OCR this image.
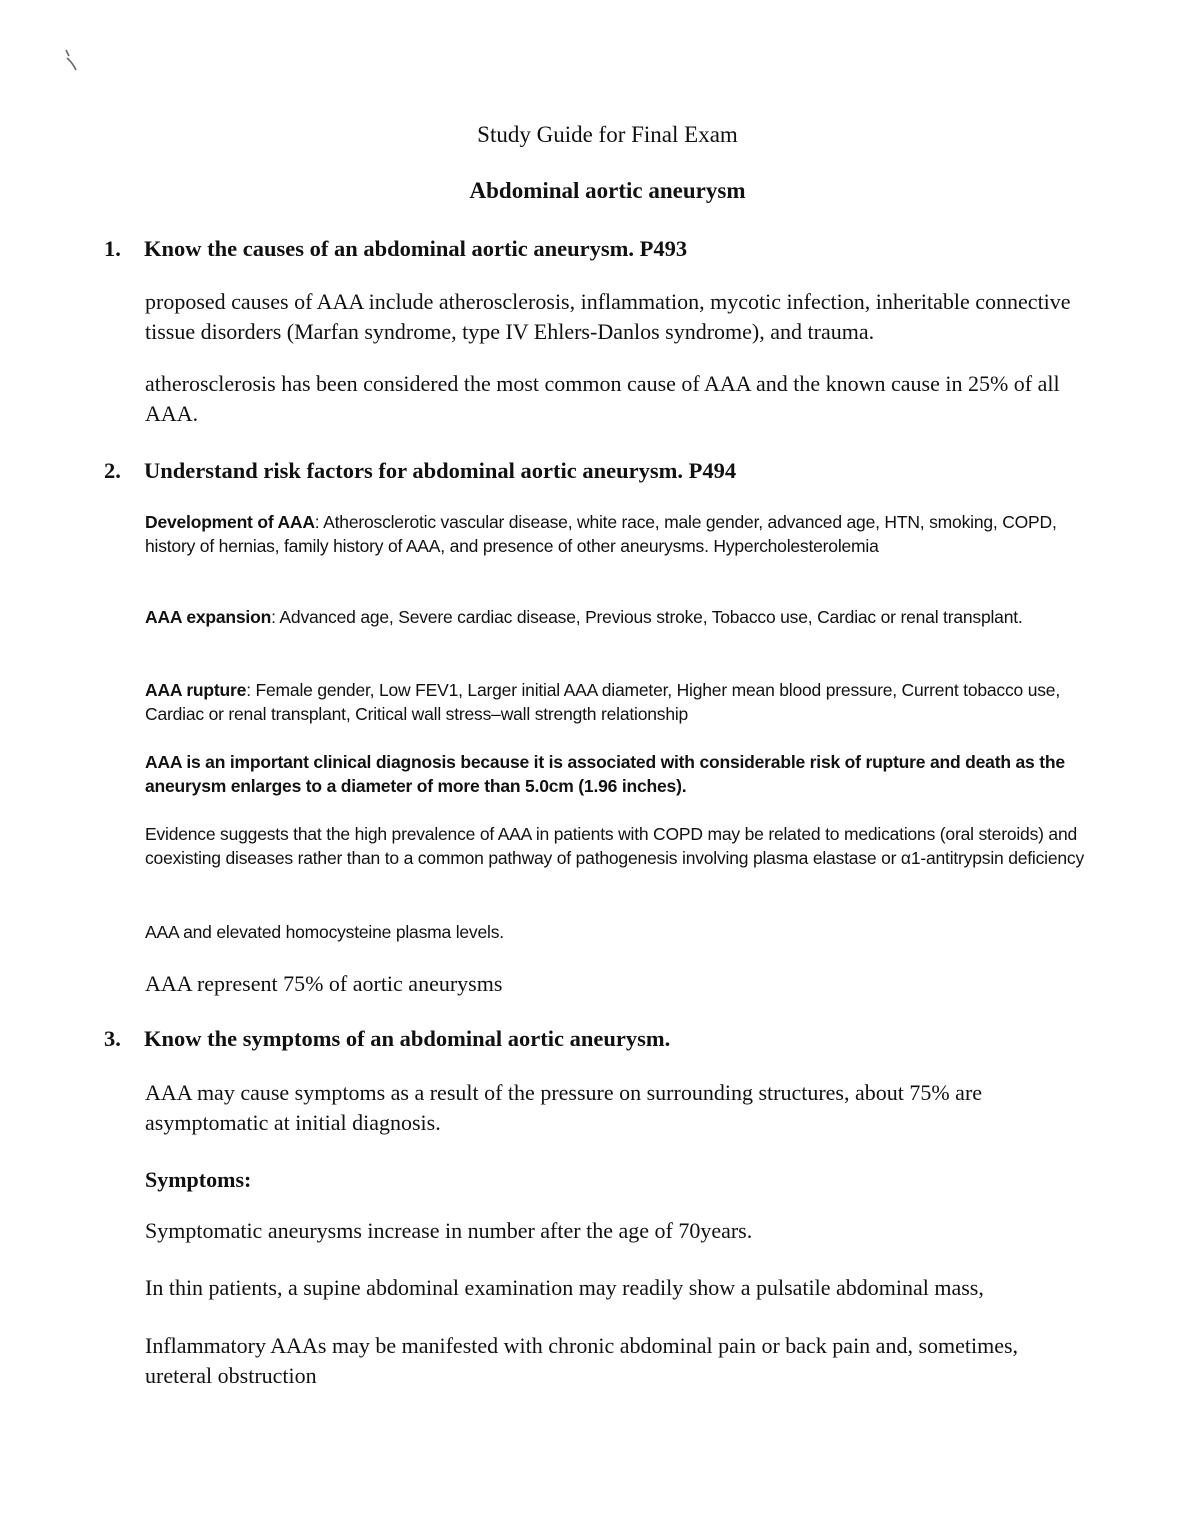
Study Guide for Final Exam
Abdominal aortic aneurysm
1. Know the causes of an abdominal aortic aneurysm. P493
proposed causes of AAA include atherosclerosis, inflammation, mycotic infection, inheritable connective tissue disorders (Marfan syndrome, type IV Ehlers-Danlos syndrome), and trauma.
atherosclerosis has been considered the most common cause of AAA and the known cause in 25% of all AAA.
2. Understand risk factors for abdominal aortic aneurysm. P494
Development of AAA: Atherosclerotic vascular disease, white race, male gender, advanced age, HTN, smoking, COPD, history of hernias, family history of AAA, and presence of other aneurysms. Hypercholesterolemia
AAA expansion: Advanced age, Severe cardiac disease, Previous stroke, Tobacco use, Cardiac or renal transplant.
AAA rupture: Female gender, Low FEV1, Larger initial AAA diameter, Higher mean blood pressure, Current tobacco use, Cardiac or renal transplant, Critical wall stress–wall strength relationship
AAA is an important clinical diagnosis because it is associated with considerable risk of rupture and death as the aneurysm enlarges to a diameter of more than 5.0cm (1.96 inches).
Evidence suggests that the high prevalence of AAA in patients with COPD may be related to medications (oral steroids) and coexisting diseases rather than to a common pathway of pathogenesis involving plasma elastase or α1-antitrypsin deficiency
AAA and elevated homocysteine plasma levels.
AAA represent 75% of aortic aneurysms
3. Know the symptoms of an abdominal aortic aneurysm.
AAA may cause symptoms as a result of the pressure on surrounding structures, about 75% are asymptomatic at initial diagnosis.
Symptoms:
Symptomatic aneurysms increase in number after the age of 70years.
In thin patients, a supine abdominal examination may readily show a pulsatile abdominal mass,
Inflammatory AAAs may be manifested with chronic abdominal pain or back pain and, sometimes, ureteral obstruction
